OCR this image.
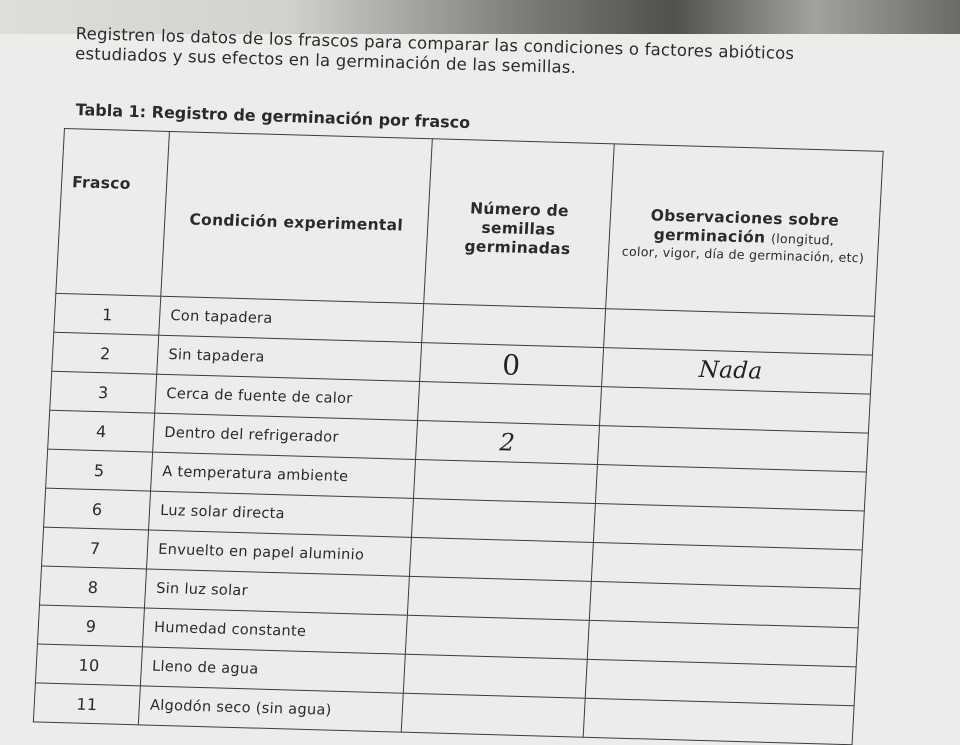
Registren los datos de los frascos para comparar las condiciones o factores abióticos estudiados y sus efectos en la germinación de las semillas.

Tabla 1: Registro de germinación por frasco

Frasco	Condición experimental	Número de semillas germinadas	Observaciones sobre germinación (longitud,
color, vigor, día de germinación, etc)

1	Con tapadera		
2	Sin tapadera	0	Nada
3	Cerca de fuente de calor		
4	Dentro del refrigerador	2	
5	A temperatura ambiente		
6	Luz solar directa		
7	Envuelto en papel aluminio		
8	Sin luz solar		
9	Humedad constante		
10	Lleno de agua		
11	Algodón seco (sin agua)		
